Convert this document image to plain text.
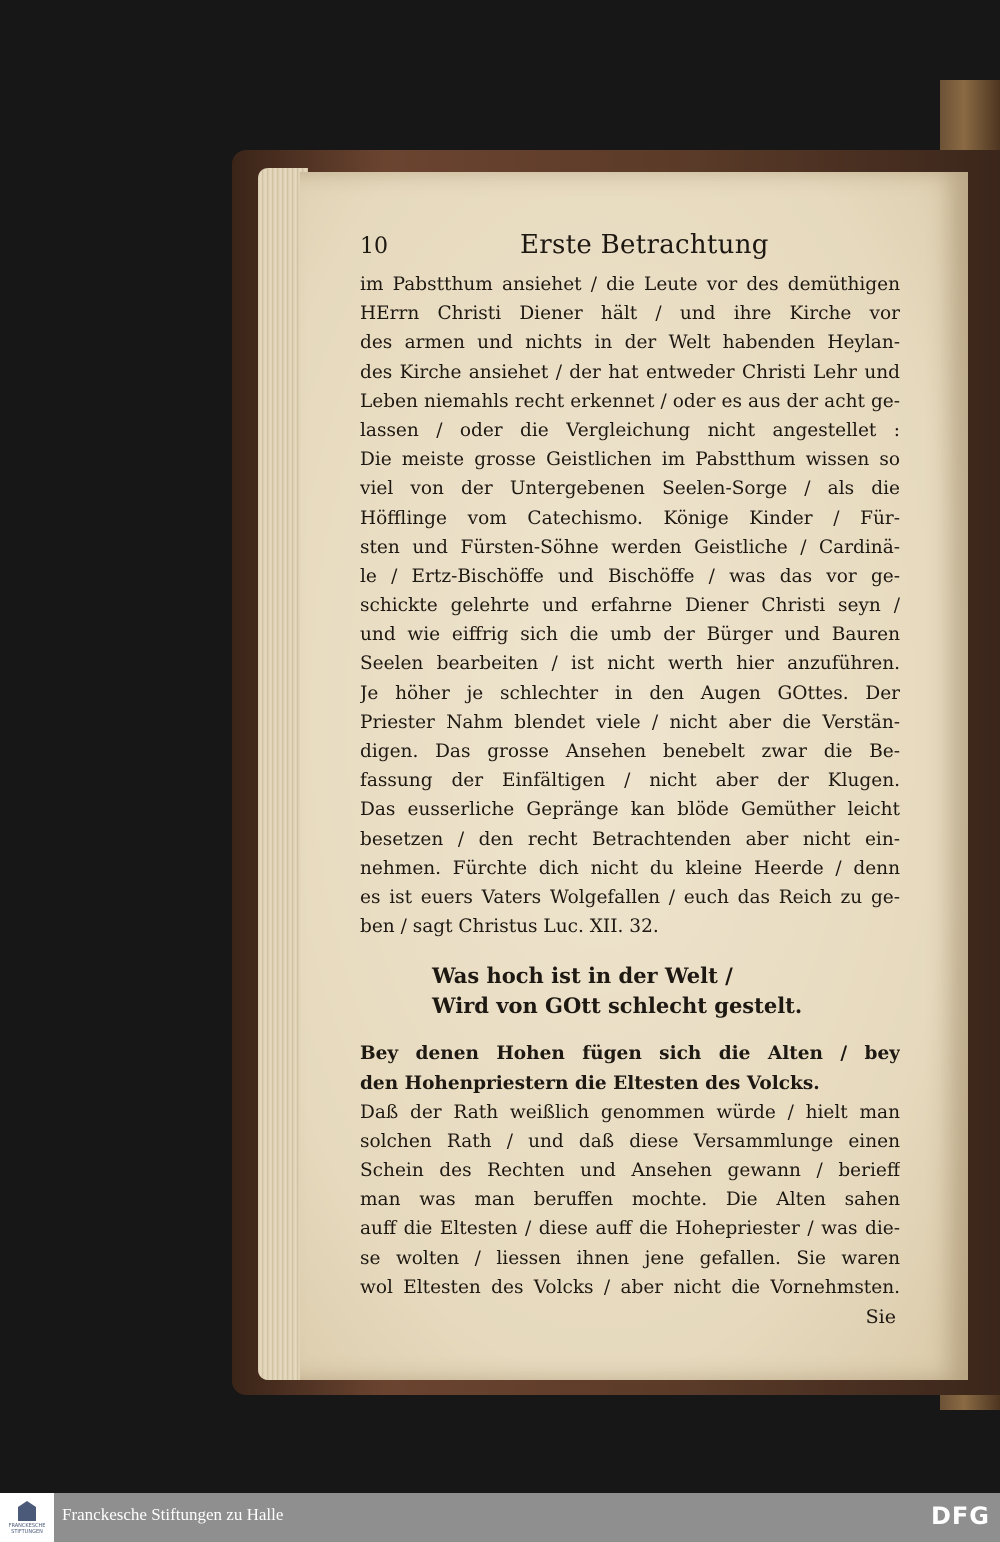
10	Erste Betrachtung
im Pabstthum ansiehet / die Leute vor des demüthigen
HErrn Christi Diener hält / und ihre Kirche vor
des armen und nichts in der Welt habenden Heylan-
des Kirche ansiehet / der hat entweder Christi Lehr und
Leben niemahls recht erkennet / oder es aus der acht ge-
lassen / oder die Vergleichung nicht angestellet :
Die meiste grosse Geistlichen im Pabstthum wissen so
viel von der Untergebenen Seelen-Sorge / als die
Höfflinge vom Catechismo. Könige Kinder / Für-
sten und Fürsten-Söhne werden Geistliche / Cardinä-
le / Ertz-Bischöffe und Bischöffe / was das vor ge-
schickte gelehrte und erfahrne Diener Christi seyn /
und wie eiffrig sich die umb der Bürger und Bauren
Seelen bearbeiten / ist nicht werth hier anzuführen.
Je höher je schlechter in den Augen GOttes. Der
Priester Nahm blendet viele / nicht aber die Verstän-
digen. Das grosse Ansehen benebelt zwar die Be-
fassung der Einfältigen / nicht aber der Klugen.
Das eusserliche Gepränge kan blöde Gemüther leicht
besetzen / den recht Betrachtenden aber nicht ein-
nehmen. Fürchte dich nicht du kleine Heerde / denn
es ist euers Vaters Wolgefallen / euch das Reich zu ge-
ben / sagt Christus Luc. XII. 32.
Was hoch ist in der Welt /
Wird von GOtt schlecht gestelt.
Bey denen Hohen fügen sich die Alten / bey
den Hohenpriestern die Eltesten des Volcks.
Daß der Rath weißlich genommen würde / hielt man
solchen Rath / und daß diese Versammlunge einen
Schein des Rechten und Ansehen gewann / berieff
man was man beruffen mochte. Die Alten sahen
auff die Eltesten / diese auff die Hohepriester / was die-
se wolten / liessen ihnen jene gefallen. Sie waren
wol Eltesten des Volcks / aber nicht die Vornehmsten.
Sie
FRANCKESCHE STIFTUNGEN
Franckesche Stiftungen zu Halle	DFG
